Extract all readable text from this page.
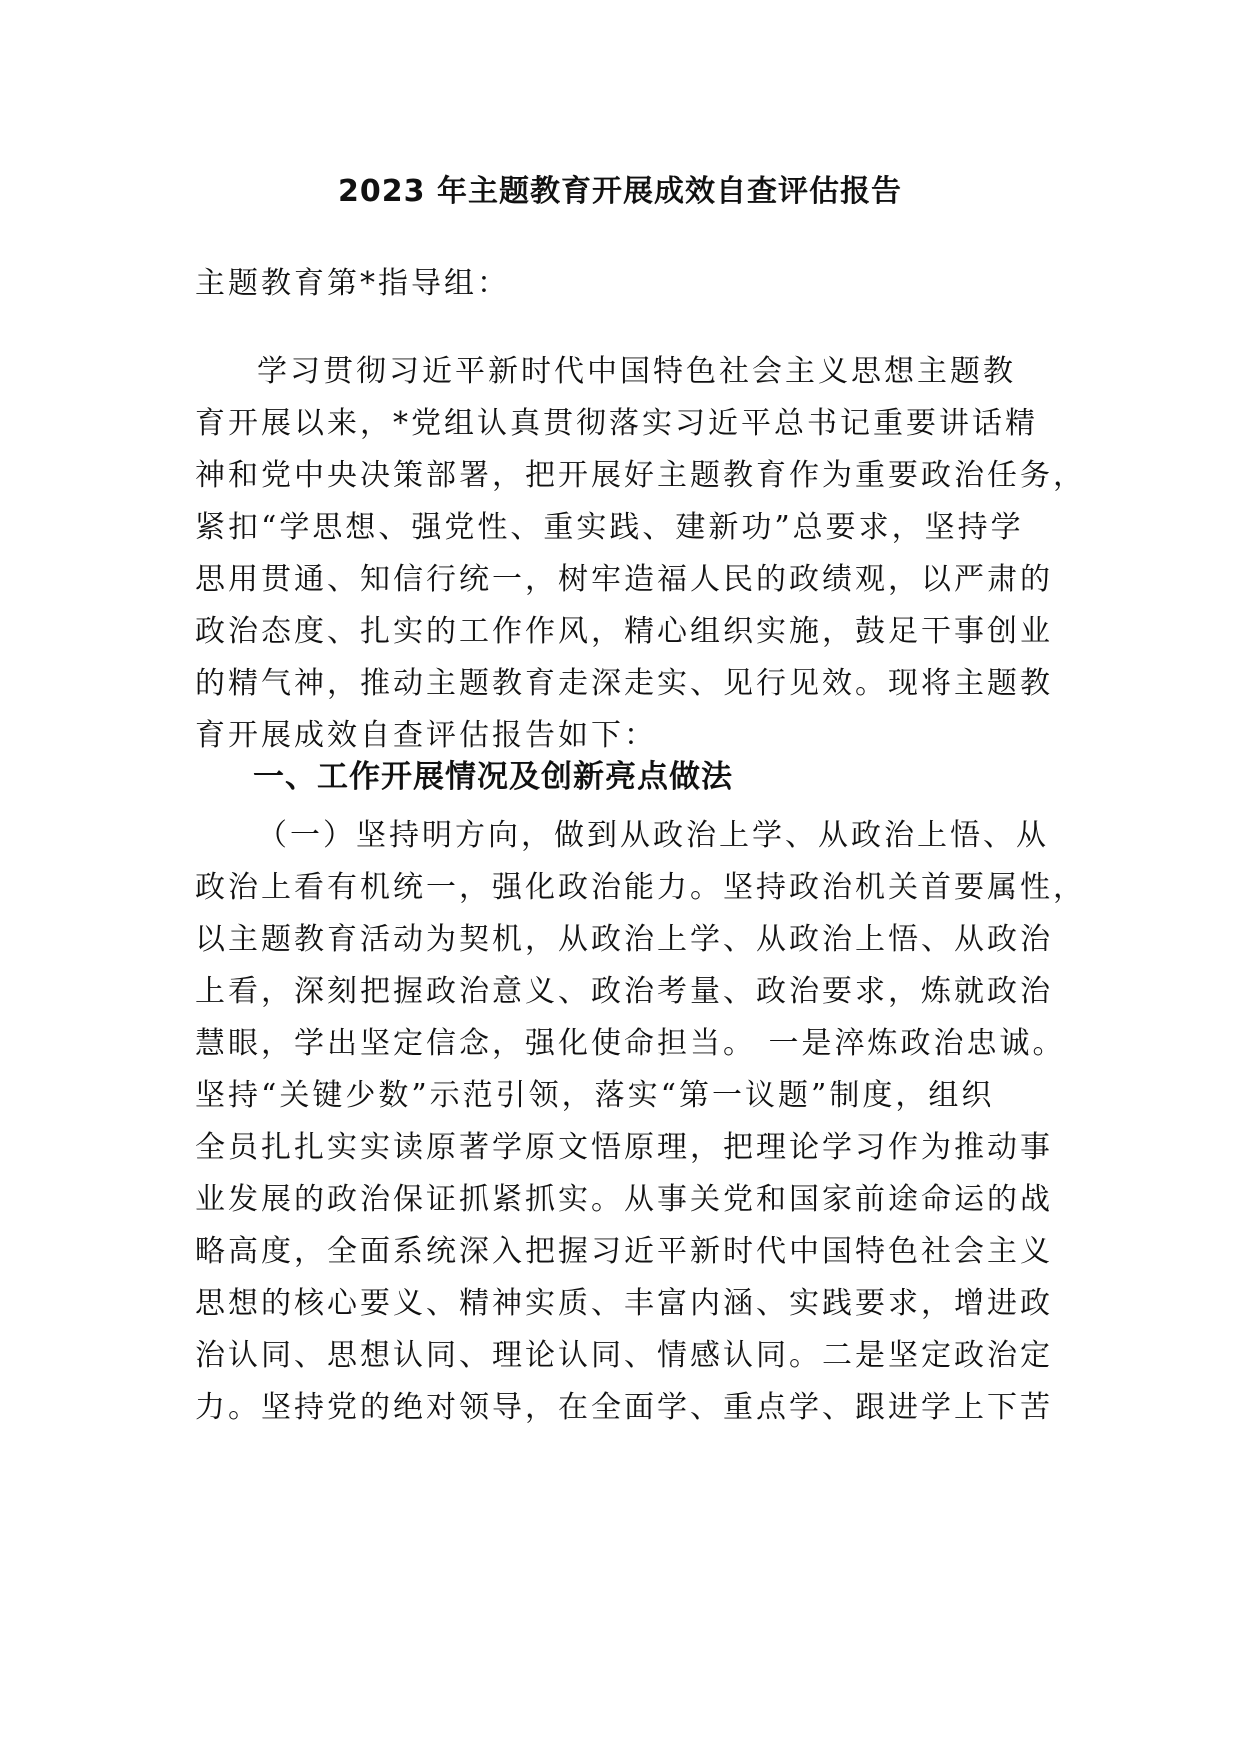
2023 年主题教育开展成效自查评估报告
主题教育第*指导组：
学习贯彻习近平新时代中国特色社会主义思想主题教
育开展以来，*党组认真贯彻落实习近平总书记重要讲话精
神和党中央决策部署，把开展好主题教育作为重要政治任务，
紧扣“学思想、强党性、重实践、建新功”总要求，坚持学
思用贯通、知信行统一，树牢造福人民的政绩观，以严肃的
政治态度、扎实的工作作风，精心组织实施，鼓足干事创业
的精气神，推动主题教育走深走实、见行见效。现将主题教
育开展成效自查评估报告如下：
一、工作开展情况及创新亮点做法
（一）坚持明方向，做到从政治上学、从政治上悟、从
政治上看有机统一，强化政治能力。坚持政治机关首要属性，
以主题教育活动为契机，从政治上学、从政治上悟、从政治
上看，深刻把握政治意义、政治考量、政治要求，炼就政治
慧眼，学出坚定信念，强化使命担当。 一是淬炼政治忠诚。
坚持“关键少数”示范引领，落实“第一议题”制度，组织
全员扎扎实实读原著学原文悟原理，把理论学习作为推动事
业发展的政治保证抓紧抓实。从事关党和国家前途命运的战
略高度，全面系统深入把握习近平新时代中国特色社会主义
思想的核心要义、精神实质、丰富内涵、实践要求，增进政
治认同、思想认同、理论认同、情感认同。二是坚定政治定
力。坚持党的绝对领导，在全面学、重点学、跟进学上下苦
